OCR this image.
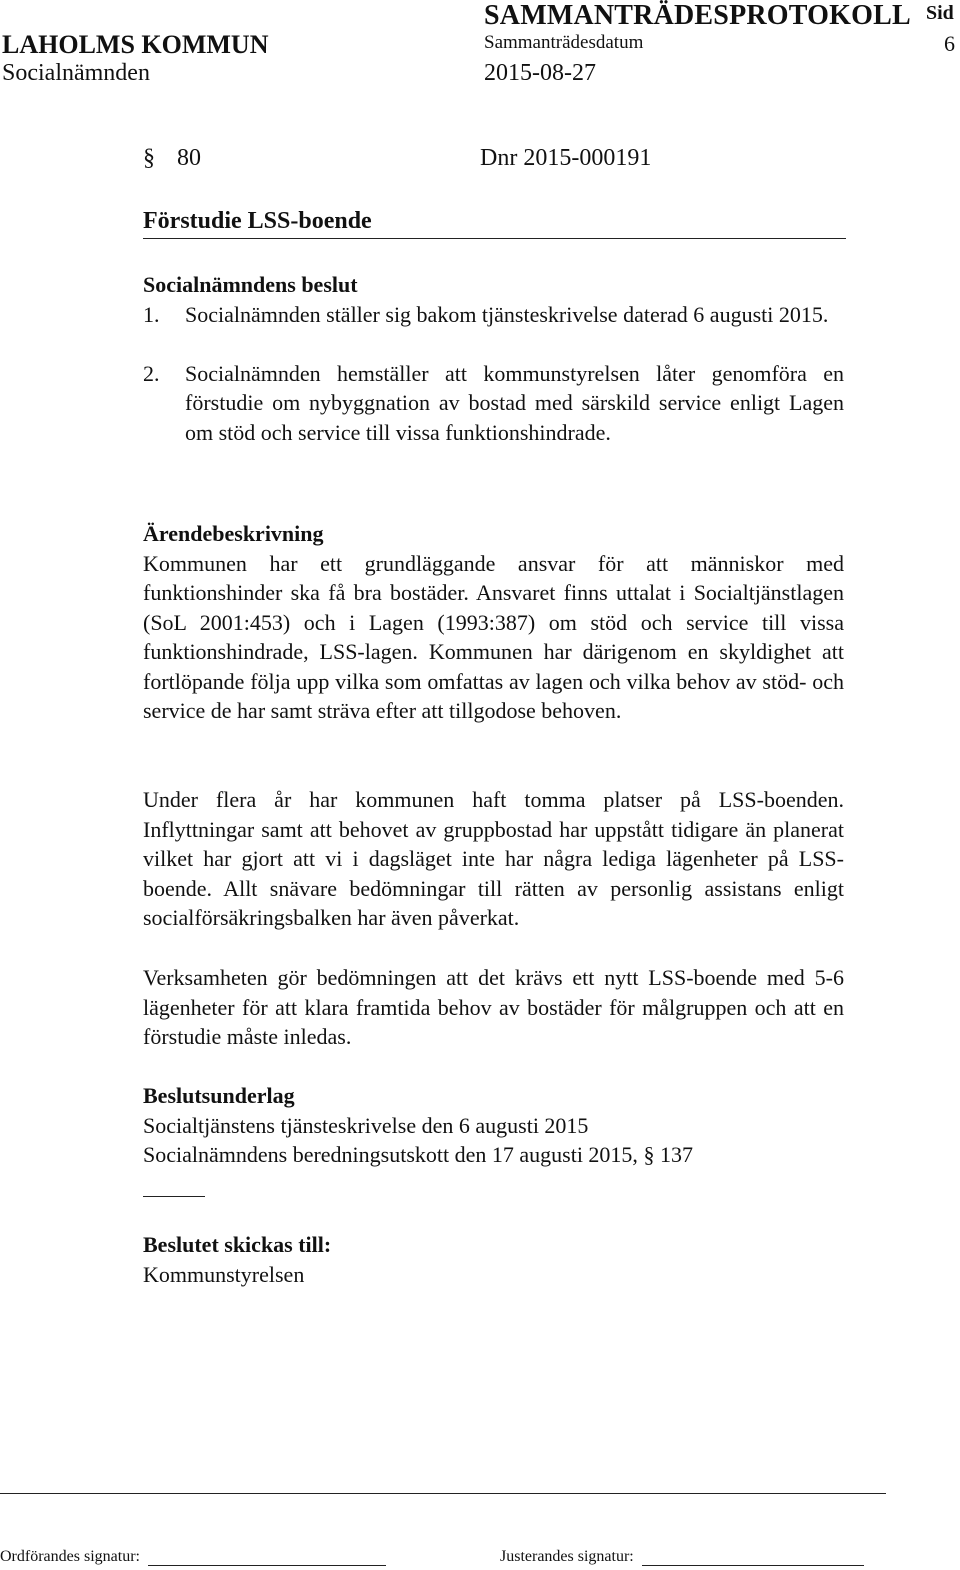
SAMMANTRÄDESPROTOKOLL Sid
LAHOLMS KOMMUN	Sammanträdesdatum	6
Socialnämnden	2015-08-27
§ 80	Dnr 2015-000191
Förstudie LSS-boende

Socialnämndens beslut

1. Socialnämnden ställer sig bakom tjänsteskrivelse daterad 6 augusti 2015.
2. Socialnämnden hemställer att kommunstyrelsen låter genomföra en förstudie om nybyggnation av bostad med särskild service enligt Lagen om stöd och service till vissa funktionshindrade.

Ärendebeskrivning

Kommunen har ett grundläggande ansvar för att människor med funktionshinder ska få bra bostäder. Ansvaret finns uttalat i Socialtjänstlagen (SoL 2001:453) och i Lagen (1993:387) om stöd och service till vissa funktionshindrade, LSS-lagen. Kommunen har därigenom en skyldighet att fortlöpande följa upp vilka som omfattas av lagen och vilka behov av stöd- och service de har samt sträva efter att tillgodose behoven.

Under flera år har kommunen haft tomma platser på LSS-boenden. Inflyttningar samt att behovet av gruppbostad har uppstått tidigare än planerat vilket har gjort att vi i dagsläget inte har några lediga lägenheter på LSS-boende. Allt snävare bedömningar till rätten av personlig assistans enligt socialförsäkringsbalken har även påverkat.

Verksamheten gör bedömningen att det krävs ett nytt LSS-boende med 5-6 lägenheter för att klara framtida behov av bostäder för målgruppen och att en förstudie måste inledas.

Beslutsunderlag

Socialtjänstens tjänsteskrivelse den 6 augusti 2015

Socialnämndens beredningsutskott den 17 augusti 2015, § 137

Beslutet skickas till:

Kommunstyrelsen

Ordförandes signatur:	Justerandes signatur:
